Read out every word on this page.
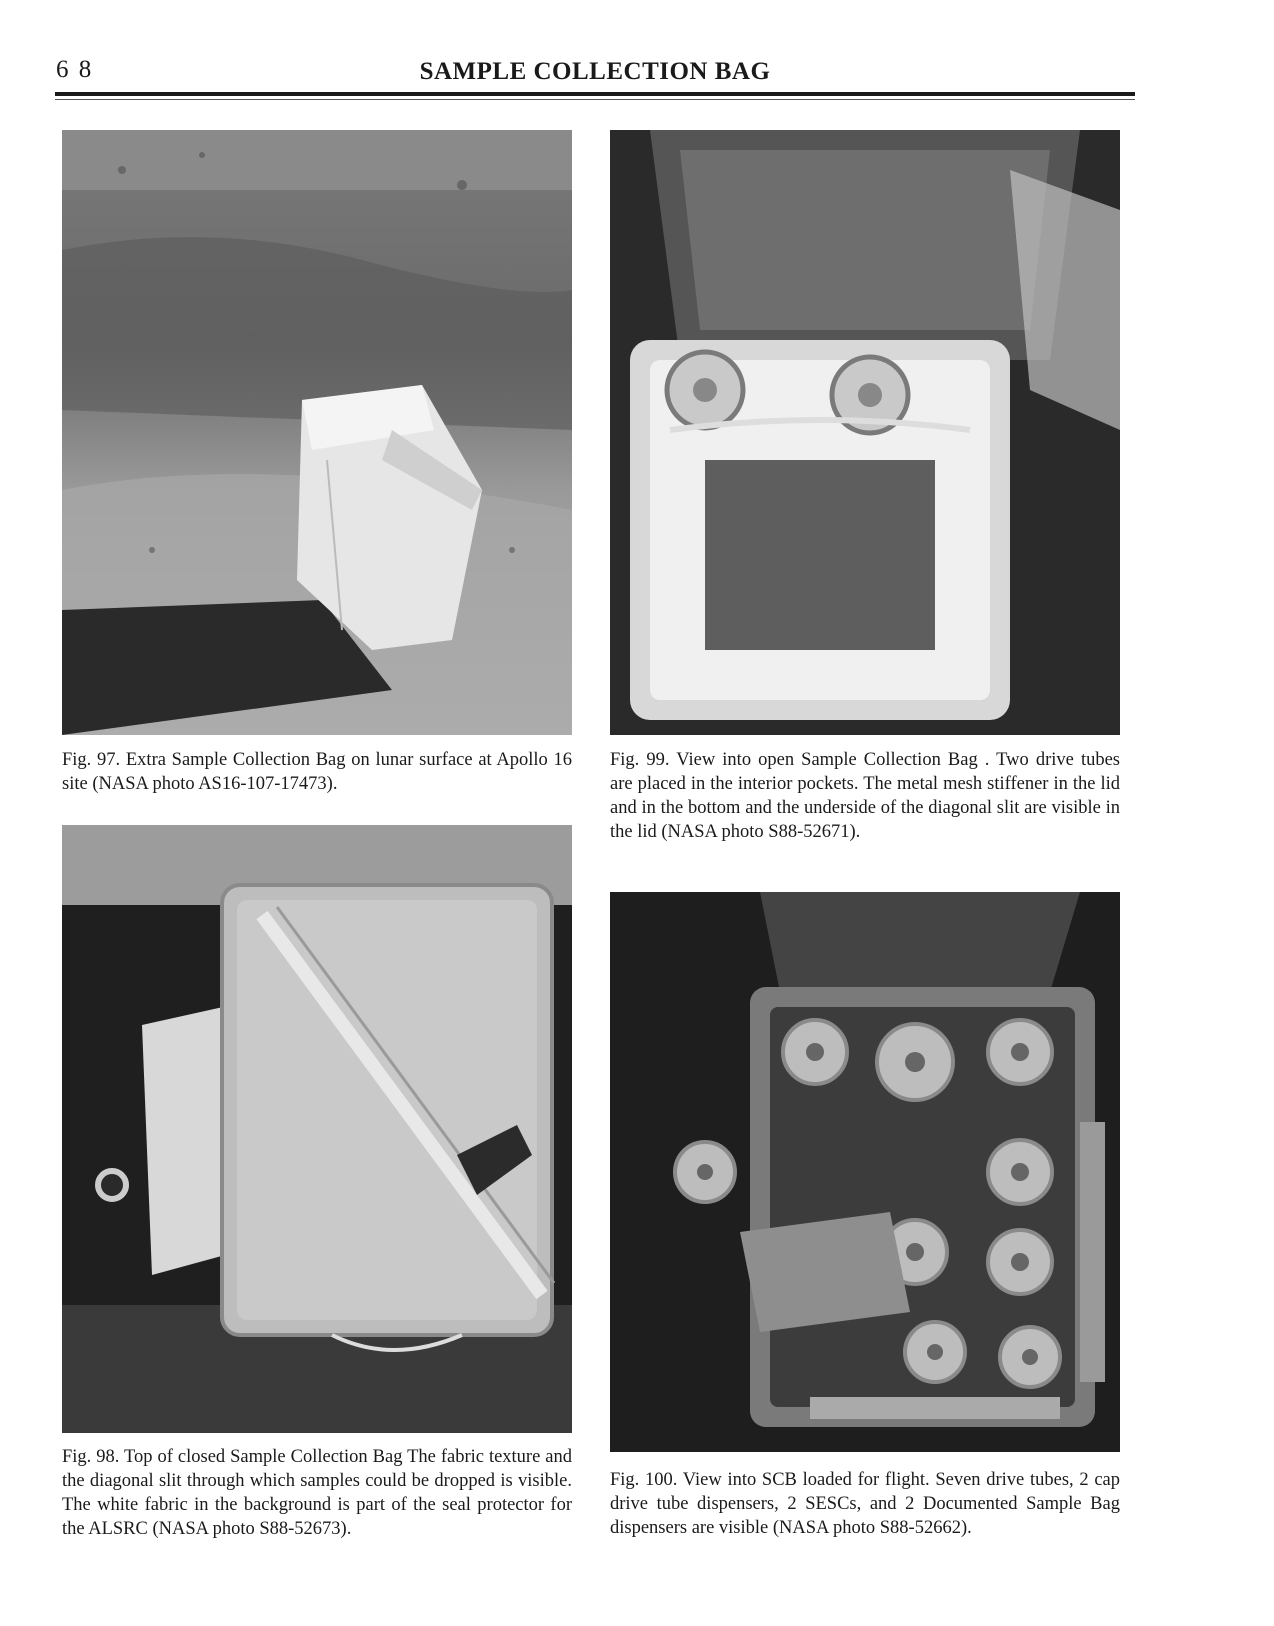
6 8	SAMPLE COLLECTION BAG
Fig. 97. Extra Sample Collection Bag on lunar surface at Apollo 16 site (NASA photo AS16-107-17473).
Fig. 98. Top of closed Sample Collection Bag The fabric texture and the diagonal slit through which samples could be dropped is visible. The white fabric in the background is part of the seal protector for the ALSRC (NASA photo S88-52673).
Fig. 99. View into open Sample Collection Bag . Two drive tubes are placed in the interior pockets. The metal mesh stiffener in the lid and in the bottom and the underside of the diagonal slit are visible in the lid (NASA photo S88-52671).
Fig. 100. View into SCB loaded for flight. Seven drive tubes, 2 cap drive tube dispensers, 2 SESCs, and 2 Documented Sample Bag dispensers are visible (NASA photo S88-52662).
